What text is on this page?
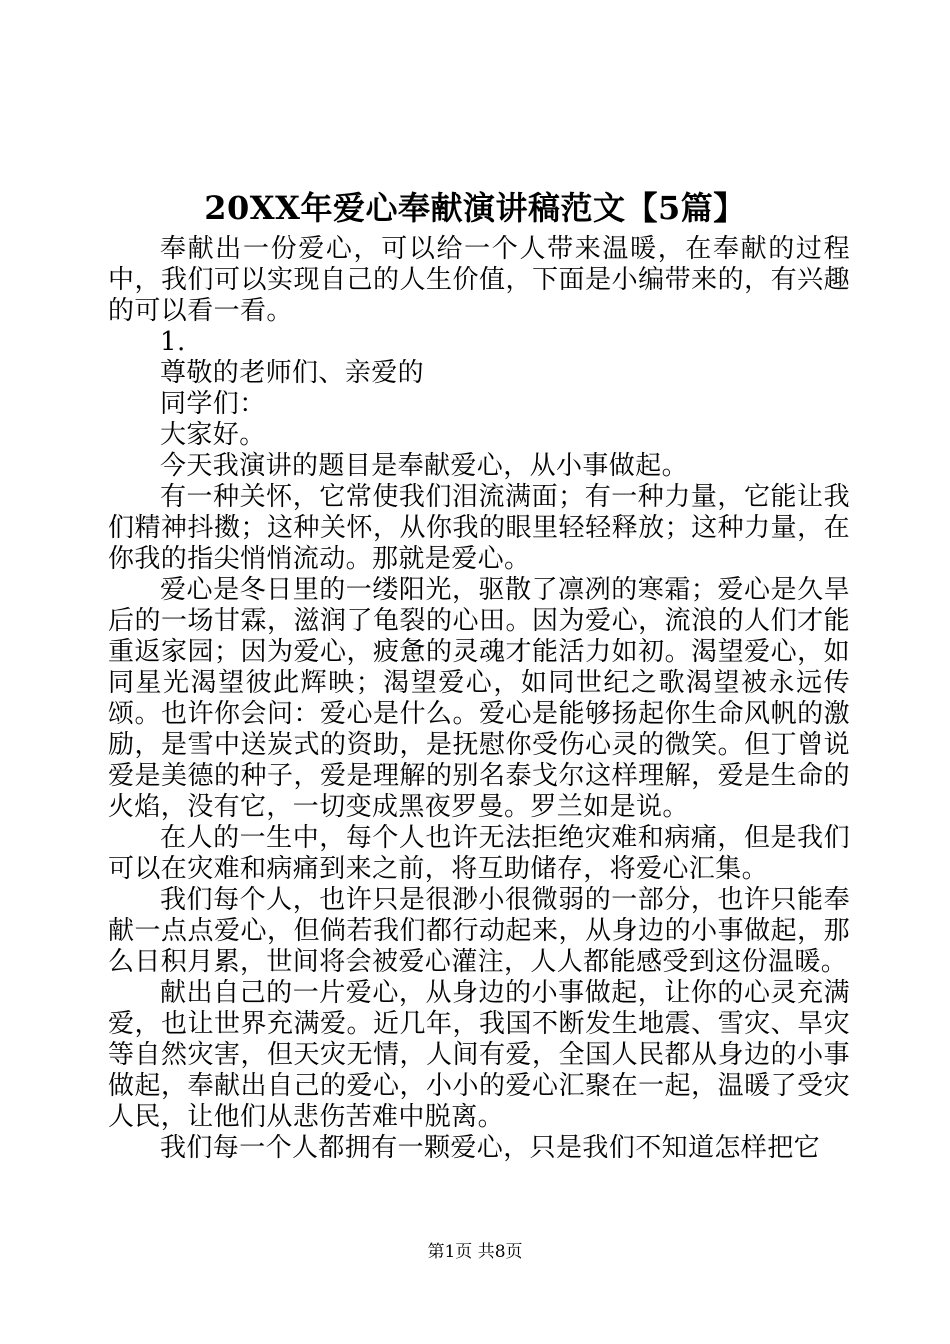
20XX年爱心奉献演讲稿范文【5篇】

奉献出一份爱心，可以给一个人带来温暖，在奉献的过程中，我们可以实现自己的人生价值，下面是小编带来的，有兴趣的可以看一看。

1.

尊敬的老师们、亲爱的

同学们：

大家好。

今天我演讲的题目是奉献爱心，从小事做起。

有一种关怀，它常使我们泪流满面；有一种力量，它能让我们精神抖擞；这种关怀，从你我的眼里轻轻释放；这种力量，在你我的指尖悄悄流动。那就是爱心。

爱心是冬日里的一缕阳光，驱散了凛冽的寒霜；爱心是久旱后的一场甘霖，滋润了龟裂的心田。因为爱心，流浪的人们才能重返家园；因为爱心，疲惫的灵魂才能活力如初。渴望爱心，如同星光渴望彼此辉映；渴望爱心，如同世纪之歌渴望被永远传颂。也许你会问：爱心是什么。爱心是能够扬起你生命风帆的激励，是雪中送炭式的资助，是抚慰你受伤心灵的微笑。但丁曾说爱是美德的种子，爱是理解的别名泰戈尔这样理解，爱是生命的火焰，没有它，一切变成黑夜罗曼。罗兰如是说。

在人的一生中，每个人也许无法拒绝灾难和病痛，但是我们可以在灾难和病痛到来之前，将互助储存，将爱心汇集。

我们每个人，也许只是很渺小很微弱的一部分，也许只能奉献一点点爱心，但倘若我们都行动起来，从身边的小事做起，那么日积月累，世间将会被爱心灌注，人人都能感受到这份温暖。

献出自己的一片爱心，从身边的小事做起，让你的心灵充满爱，也让世界充满爱。近几年，我国不断发生地震、雪灾、旱灾等自然灾害，但天灾无情，人间有爱，全国人民都从身边的小事做起，奉献出自己的爱心，小小的爱心汇聚在一起，温暖了受灾人民，让他们从悲伤苦难中脱离。

我们每一个人都拥有一颗爱心，只是我们不知道怎样把它

第1页 共8页
